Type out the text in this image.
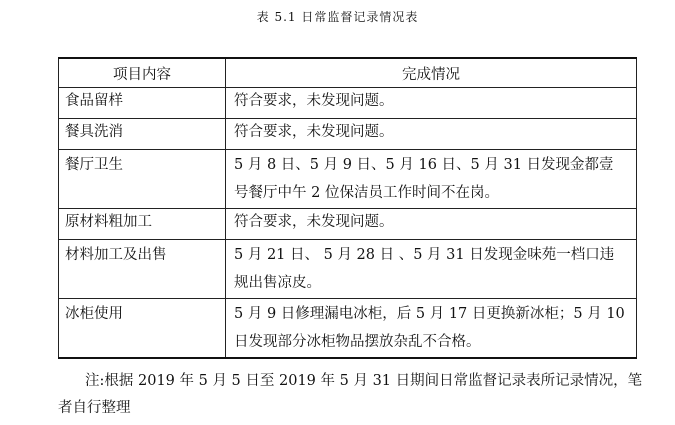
表 5.1 日常监督记录情况表
项目内容	完成情况
食品留样	符合要求，未发现问题。
餐具洗消	符合要求，未发现问题。
餐厅卫生	5 月 8 日、5 月 9 日、5 月 16 日、5 月 31 日发现金都壹号餐厅中午 2 位保洁员工作时间不在岗。
原材料粗加工	符合要求，未发现问题。
材料加工及出售	5 月 21 日、 5 月 28 日 、5 月 31 日发现金味苑一档口违规出售凉皮。
冰柜使用	5 月 9 日修理漏电冰柜，后 5 月 17 日更换新冰柜；5 月 10 日发现部分冰柜物品摆放杂乱不合格。
注:根据 2019 年 5 月 5 日至 2019 年 5 月 31 日期间日常监督记录表所记录情况，笔者自行整理
